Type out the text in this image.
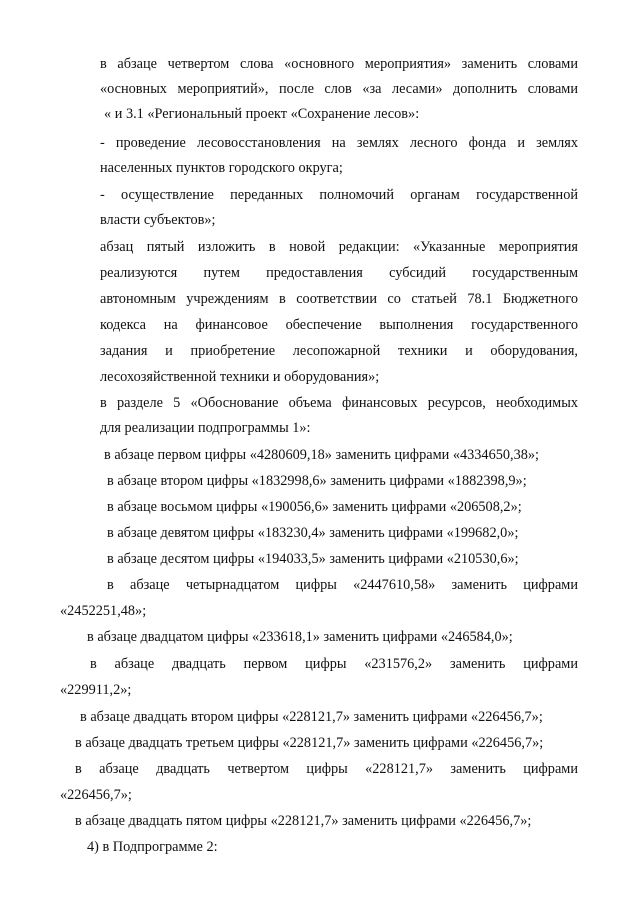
в абзаце четвертом слова «основного мероприятия» заменить словами
«основных мероприятий», после слов «за лесами» дополнить словами
« и 3.1 «Региональный проект «Сохранение лесов»:
- проведение лесовосстановления на землях лесного фонда и землях
населенных пунктов городского округа;
- осуществление переданных полномочий органам государственной
власти субъектов»;
абзац пятый изложить в новой редакции: «Указанные мероприятия
реализуются путем предоставления субсидий государственным
автономным учреждениям в соответствии со статьей 78.1 Бюджетного
кодекса на финансовое обеспечение выполнения государственного
задания и приобретение лесопожарной техники и оборудования,
лесохозяйственной техники и оборудования»;
в разделе 5 «Обоснование объема финансовых ресурсов, необходимых
для реализации подпрограммы 1»:
в абзаце первом цифры «4280609,18» заменить цифрами «4334650,38»;
в абзаце втором цифры «1832998,6» заменить цифрами «1882398,9»;
в абзаце восьмом цифры «190056,6» заменить цифрами «206508,2»;
в абзаце девятом цифры «183230,4» заменить цифрами «199682,0»;
в абзаце десятом цифры «194033,5» заменить цифрами «210530,6»;
в абзаце четырнадцатом цифры «2447610,58» заменить цифрами
«2452251,48»;
в абзаце двадцатом цифры «233618,1» заменить цифрами «246584,0»;
в абзаце двадцать первом цифры «231576,2» заменить цифрами
«229911,2»;
в абзаце двадцать втором цифры «228121,7» заменить цифрами «226456,7»;
в абзаце двадцать третьем цифры «228121,7» заменить цифрами «226456,7»;
в абзаце двадцать четвертом цифры «228121,7» заменить цифрами
«226456,7»;
в абзаце двадцать пятом цифры «228121,7» заменить цифрами «226456,7»;
4) в Подпрограмме 2:
